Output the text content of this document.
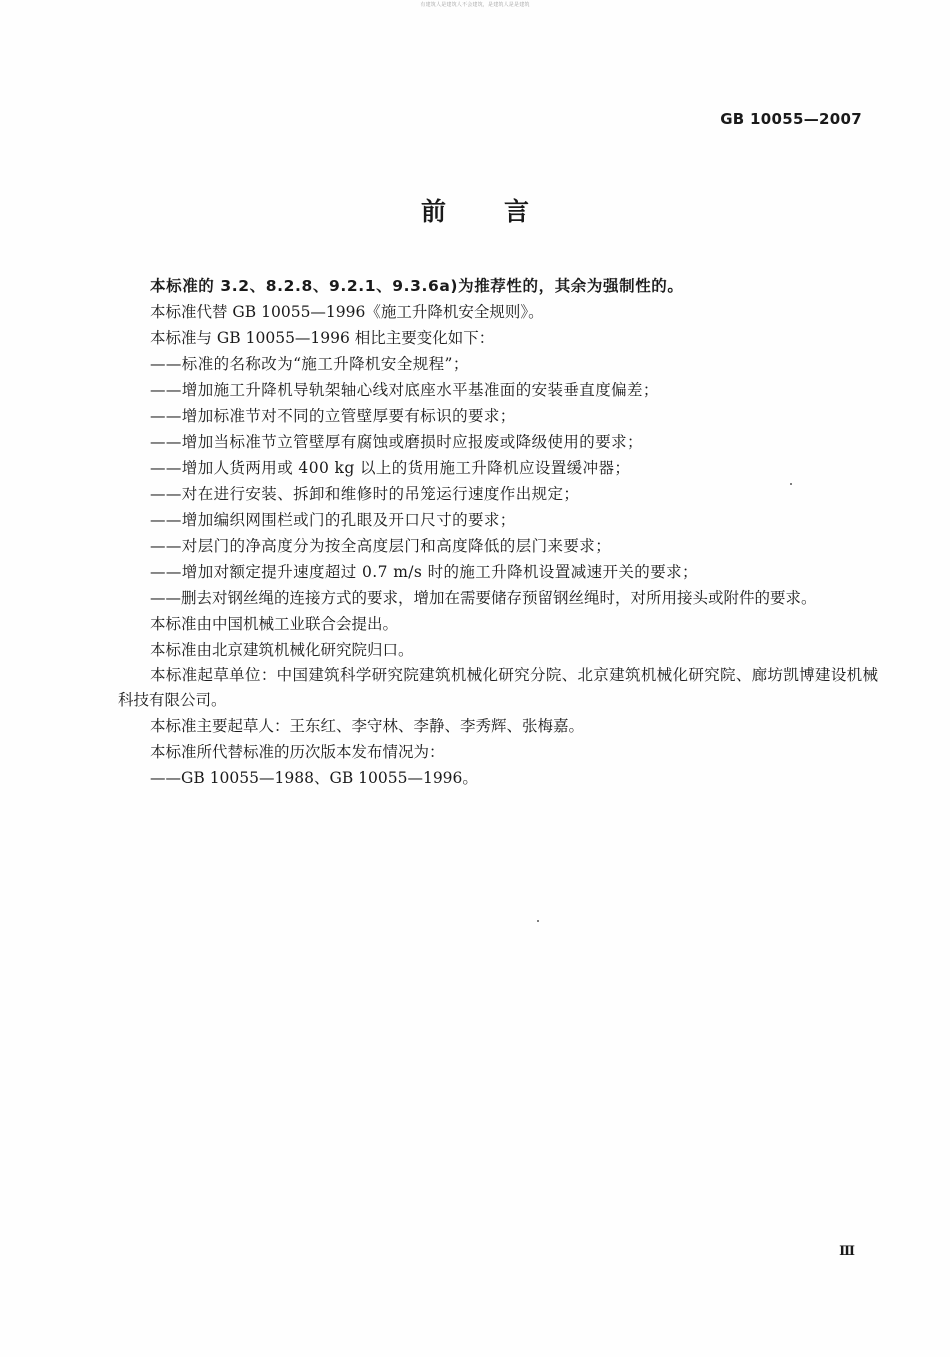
有建筑人是建筑人不会建筑，是建筑人是是建筑
GB 10055—2007
前言

本标准的 3.2、8.2.8、9.2.1、9.3.6a)为推荐性的，其余为强制性的。

本标准代替 GB 10055—1996《施工升降机安全规则》。

本标准与 GB 10055—1996 相比主要变化如下：

——标准的名称改为“施工升降机安全规程”；

——增加施工升降机导轨架轴心线对底座水平基准面的安装垂直度偏差；

——增加标准节对不同的立管壁厚要有标识的要求；

——增加当标准节立管壁厚有腐蚀或磨损时应报废或降级使用的要求；

——增加人货两用或 400 kg 以上的货用施工升降机应设置缓冲器；

——对在进行安装、拆卸和维修时的吊笼运行速度作出规定；

——增加编织网围栏或门的孔眼及开口尺寸的要求；

——对层门的净高度分为按全高度层门和高度降低的层门来要求；

——增加对额定提升速度超过 0.7 m/s 时的施工升降机设置减速开关的要求；

——删去对钢丝绳的连接方式的要求，增加在需要储存预留钢丝绳时，对所用接头或附件的要求。

本标准由中国机械工业联合会提出。

本标准由北京建筑机械化研究院归口。

本标准起草单位：中国建筑科学研究院建筑机械化研究分院、北京建筑机械化研究院、廊坊凯博建设机械科技有限公司。

本标准主要起草人：王东红、李守林、李静、李秀辉、张梅嘉。

本标准所代替标准的历次版本发布情况为：

——GB 10055—1988、GB 10055—1996。

Ⅲ
